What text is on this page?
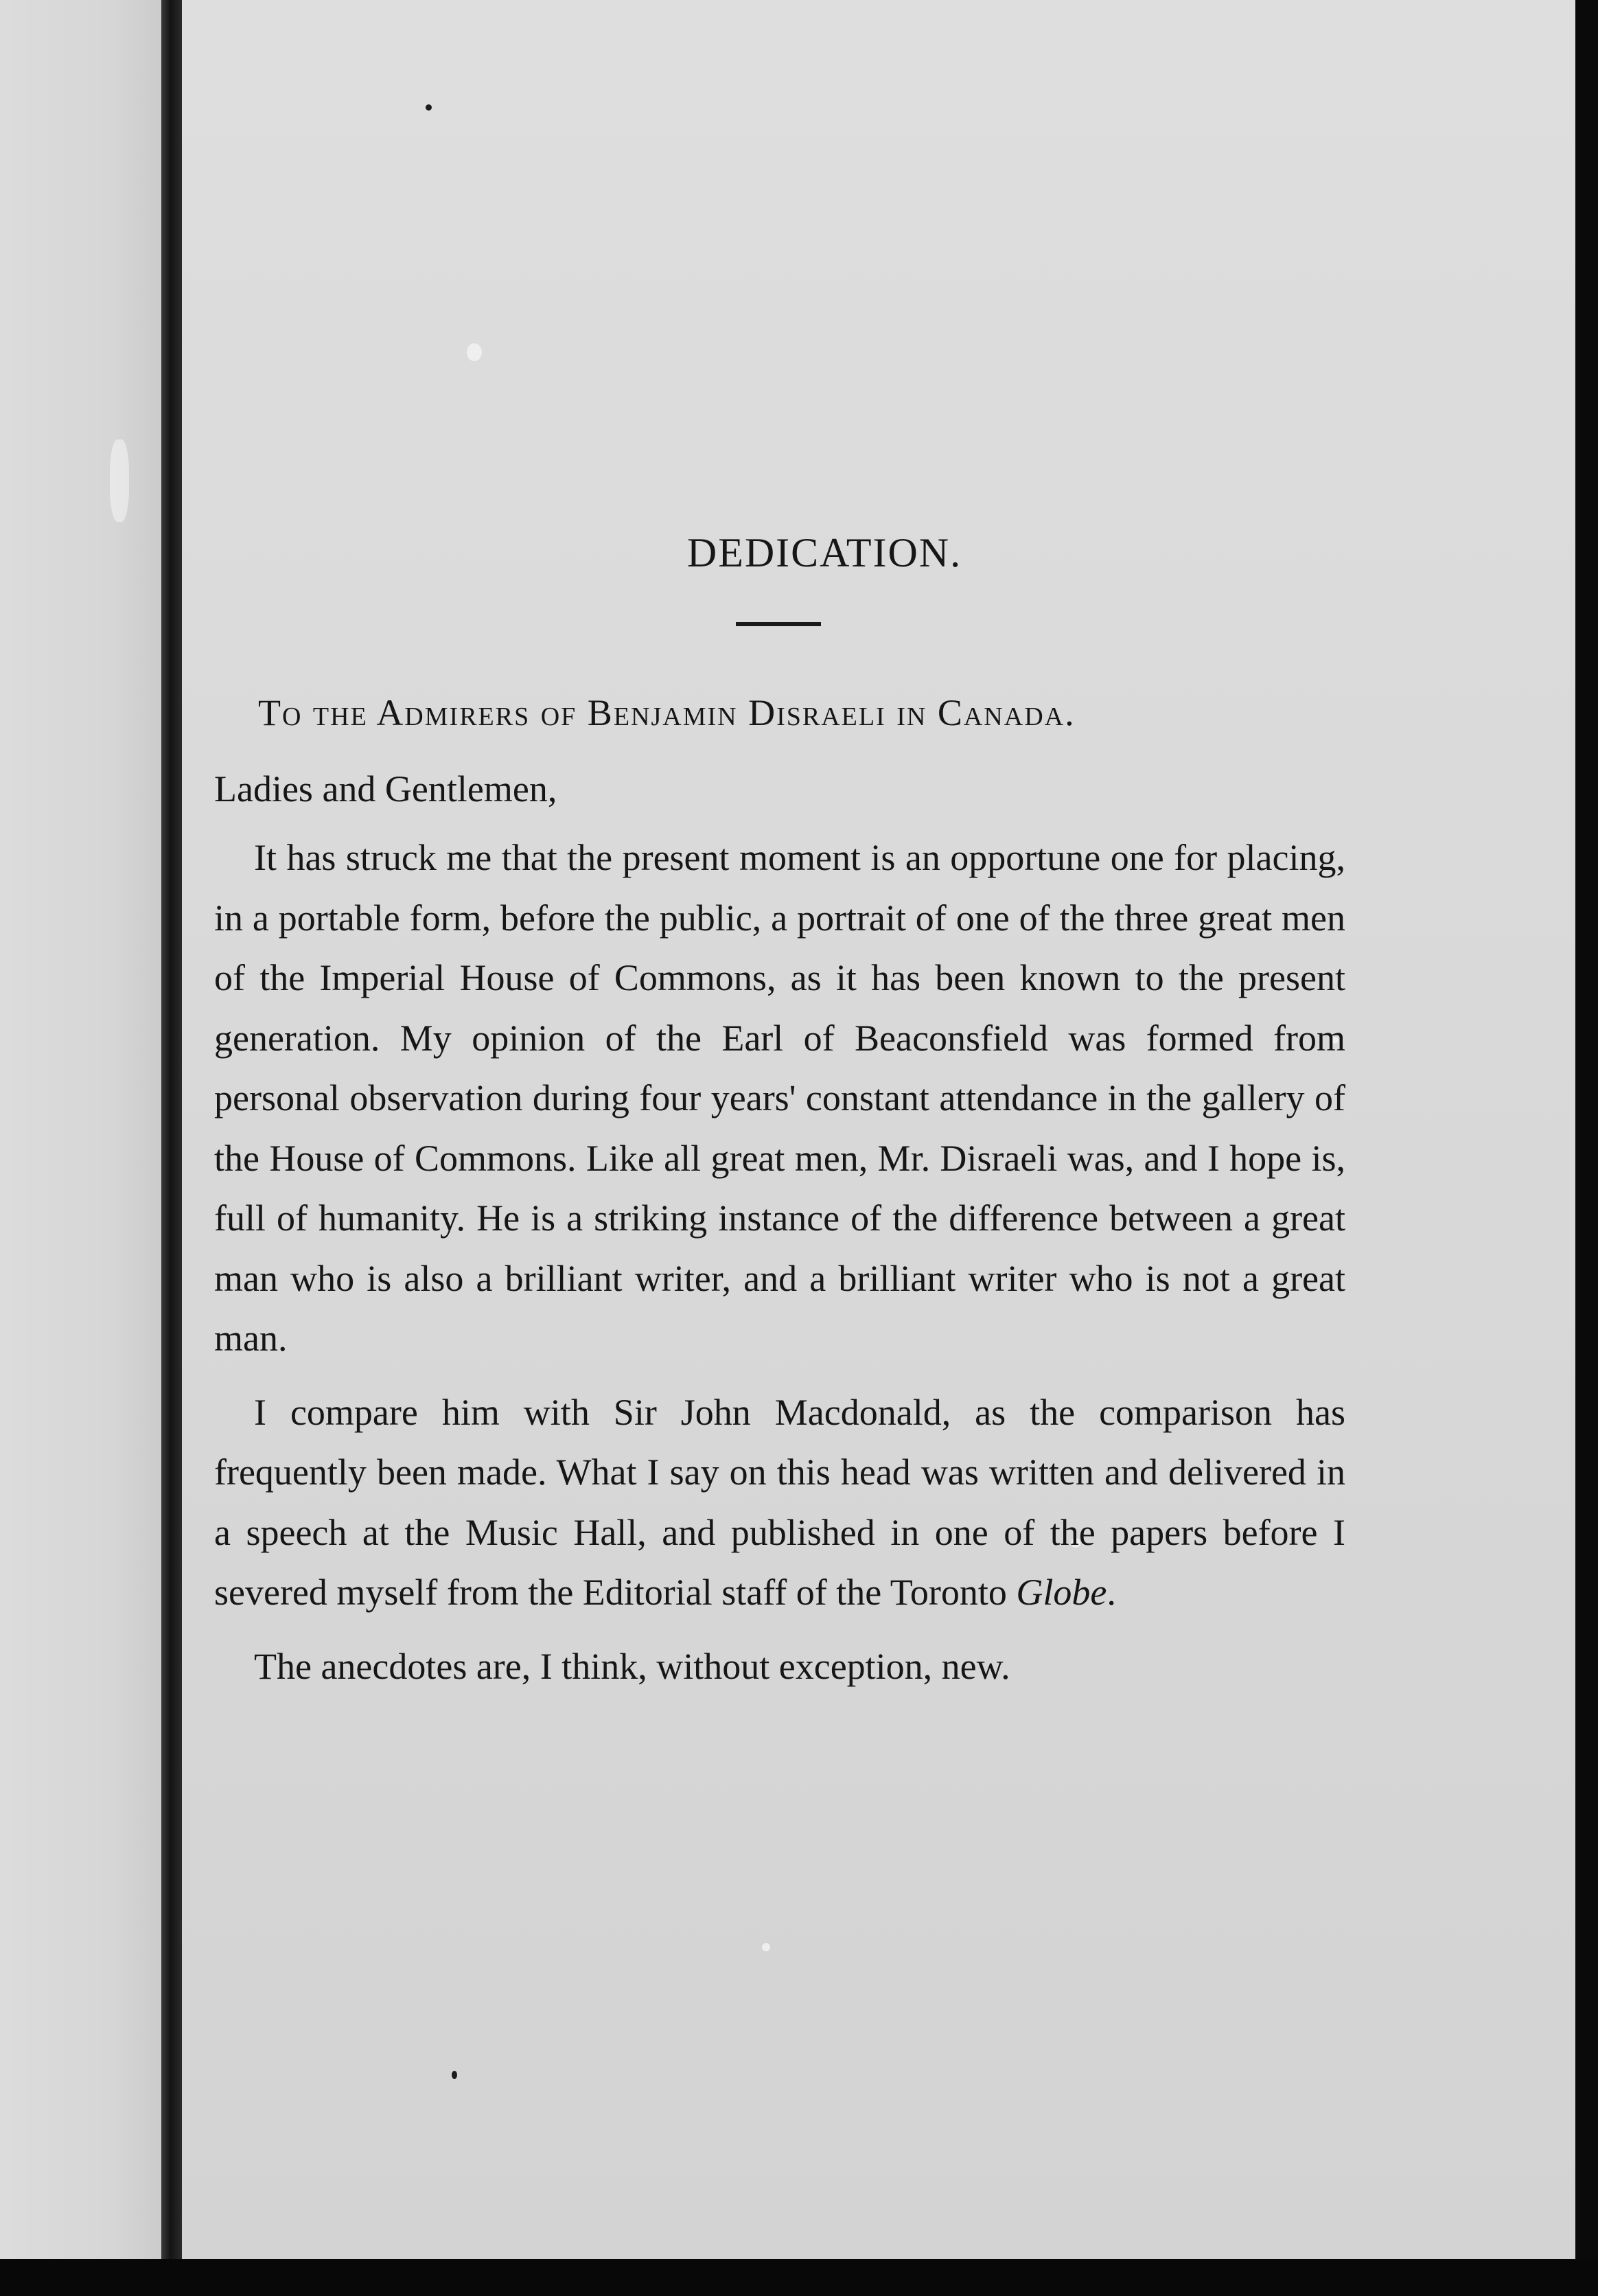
DEDICATION.
To the Admirers of Benjamin Disraeli in Canada.
Ladies and Gentlemen,

It has struck me that the present moment is an opportune one for placing, in a portable form, before the public, a portrait of one of the three great men of the Imperial House of Commons, as it has been known to the present generation. My opinion of the Earl of Beaconsfield was formed from personal observation during four years' constant attendance in the gallery of the House of Commons. Like all great men, Mr. Disraeli was, and I hope is, full of humanity. He is a striking instance of the difference between a great man who is also a brilliant writer, and a brilliant writer who is not a great man.

I compare him with Sir John Macdonald, as the comparison has frequently been made. What I say on this head was written and delivered in a speech at the Music Hall, and published in one of the papers before I severed myself from the Editorial staff of the Toronto Globe.

The anecdotes are, I think, without exception, new.
